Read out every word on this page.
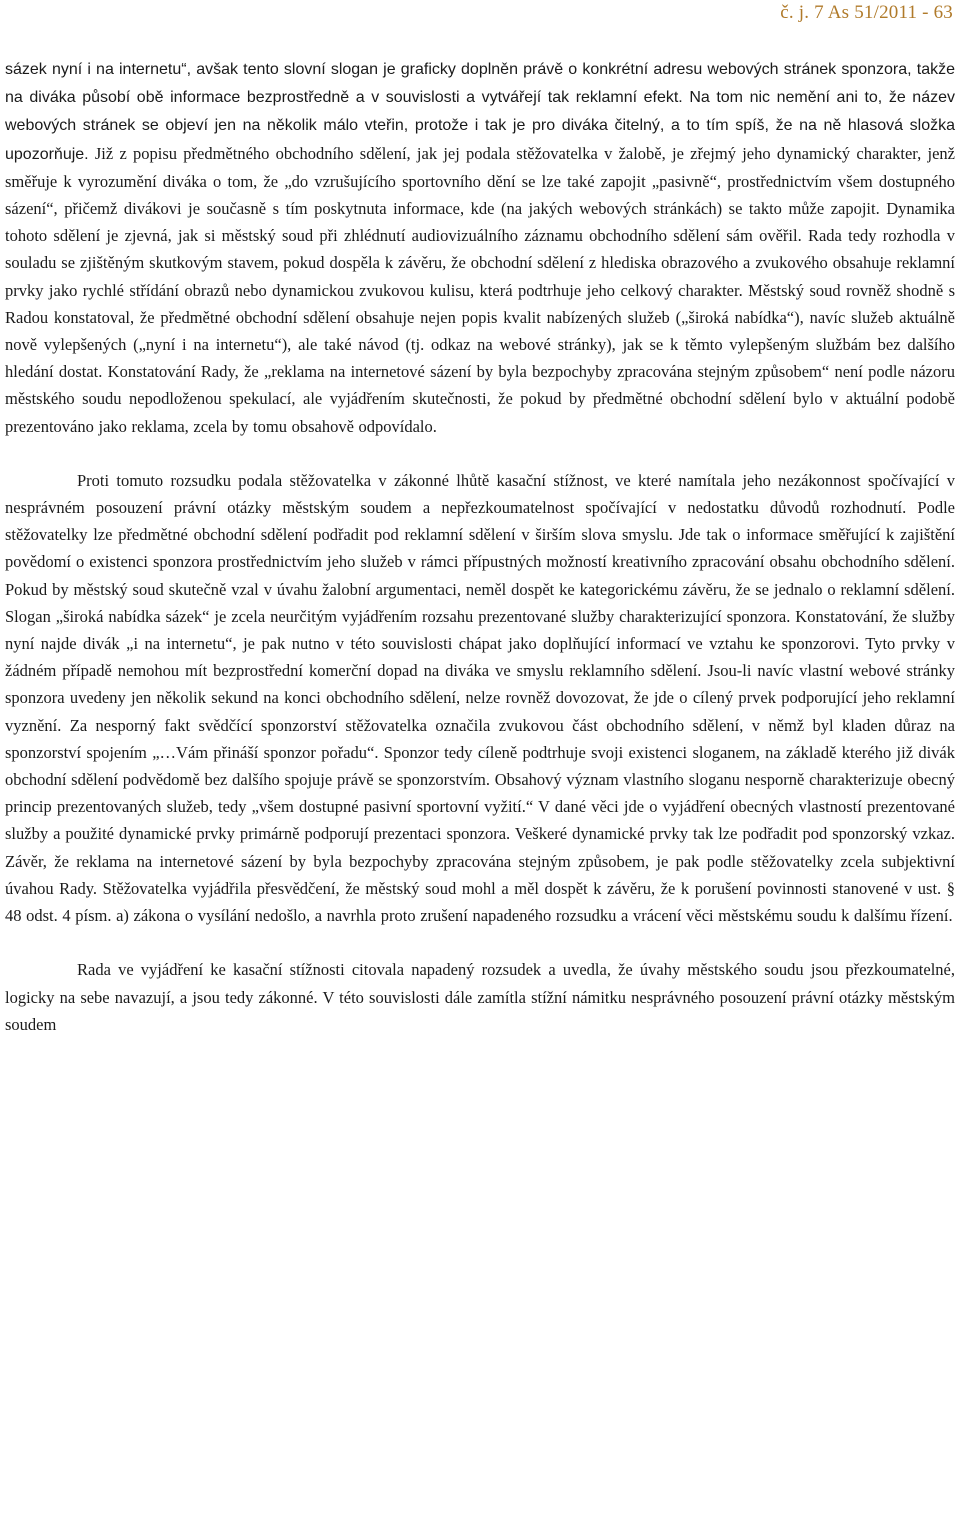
č. j. 7 As 51/2011 - 63

sázek nyní i na internetu“, avšak tento slovní slogan je graficky doplněn právě o konkrétní adresu webových stránek sponzora, takže na diváka působí obě informace bezprostředně a v souvislosti a vytvářejí tak reklamní efekt. Na tom nic nemění ani to, že název webových stránek se objeví jen na několik málo vteřin, protože i tak je pro diváka čitelný, a to tím spíš, že na ně hlasová složka upozorňuje. Již z popisu předmětného obchodního sdělení, jak jej podala stěžovatelka v žalobě, je zřejmý jeho dynamický charakter, jenž směřuje k vyrozumění diváka o tom, že „do vzrušujícího sportovního dění se lze také zapojit „pasivně“, prostřednictvím všem dostupného sázení“, přičemž divákovi je současně s tím poskytnuta informace, kde (na jakých webových stránkách) se takto může zapojit. Dynamika tohoto sdělení je zjevná, jak si městský soud při zhlédnutí audiovizuálního záznamu obchodního sdělení sám ověřil. Rada tedy rozhodla v souladu se zjištěným skutkovým stavem, pokud dospěla k závěru, že obchodní sdělení z hlediska obrazového a zvukového obsahuje reklamní prvky jako rychlé střídání obrazů nebo dynamickou zvukovou kulisu, která podtrhuje jeho celkový charakter. Městský soud rovněž shodně s Radou konstatoval, že předmětné obchodní sdělení obsahuje nejen popis kvalit nabízených služeb („široká nabídka“), navíc služeb aktuálně nově vylepšených („nyní i na internetu“), ale také návod (tj. odkaz na webové stránky), jak se k těmto vylepšeným službám bez dalšího hledání dostat. Konstatování Rady, že „reklama na internetové sázení by byla bezpochyby zpracována stejným způsobem“ není podle názoru městského soudu nepodloženou spekulací, ale vyjádřením skutečnosti, že pokud by předmětné obchodní sdělení bylo v aktuální podobě prezentováno jako reklama, zcela by tomu obsahově odpovídalo.

Proti tomuto rozsudku podala stěžovatelka v zákonné lhůtě kasační stížnost, ve které namítala jeho nezákonnost spočívající v nesprávném posouzení právní otázky městským soudem a nepřezkoumatelnost spočívající v nedostatku důvodů rozhodnutí. Podle stěžovatelky lze předmětné obchodní sdělení podřadit pod reklamní sdělení v širším slova smyslu. Jde tak o informace směřující k zajištění povědomí o existenci sponzora prostřednictvím jeho služeb v rámci přípustných možností kreativního zpracování obsahu obchodního sdělení. Pokud by městský soud skutečně vzal v úvahu žalobní argumentaci, neměl dospět ke kategorickému závěru, že se jednalo o reklamní sdělení. Slogan „široká nabídka sázek“ je zcela neurčitým vyjádřením rozsahu prezentované služby charakterizující sponzora. Konstatování, že služby nyní najde divák „i na internetu“, je pak nutno v této souvislosti chápat jako doplňující informací ve vztahu ke sponzorovi. Tyto prvky v žádném případě nemohou mít bezprostřední komerční dopad na diváka ve smyslu reklamního sdělení. Jsou-li navíc vlastní webové stránky sponzora uvedeny jen několik sekund na konci obchodního sdělení, nelze rovněž dovozovat, že jde o cílený prvek podporující jeho reklamní vyznění. Za nesporný fakt svědčící sponzorství stěžovatelka označila zvukovou část obchodního sdělení, v němž byl kladen důraz na sponzorství spojením „…Vám přináší sponzor pořadu“. Sponzor tedy cíleně podtrhuje svoji existenci sloganem, na základě kterého již divák obchodní sdělení podvědomě bez dalšího spojuje právě se sponzorstvím. Obsahový význam vlastního sloganu nesporně charakterizuje obecný princip prezentovaných služeb, tedy „všem dostupné pasivní sportovní vyžití.“ V dané věci jde o vyjádření obecných vlastností prezentované služby a použité dynamické prvky primárně podporují prezentaci sponzora. Veškeré dynamické prvky tak lze podřadit pod sponzorský vzkaz. Závěr, že reklama na internetové sázení by byla bezpochyby zpracována stejným způsobem, je pak podle stěžovatelky zcela subjektivní úvahou Rady. Stěžovatelka vyjádřila přesvědčení, že městský soud mohl a měl dospět k závěru, že k porušení povinnosti stanovené v ust. § 48 odst. 4 písm. a) zákona o vysílání nedošlo, a navrhla proto zrušení napadeného rozsudku a vrácení věci městskému soudu k dalšímu řízení.

Rada ve vyjádření ke kasační stížnosti citovala napadený rozsudek a uvedla, že úvahy městského soudu jsou přezkoumatelné, logicky na sebe navazují, a jsou tedy zákonné. V této souvislosti dále zamítla stížní námitku nesprávného posouzení právní otázky městským soudem
